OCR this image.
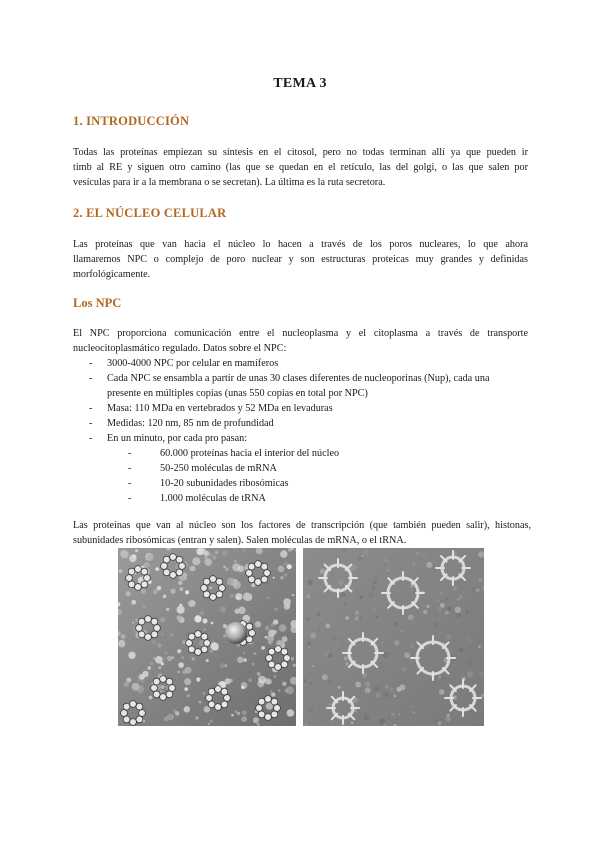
TEMA 3
1. INTRODUCCIÓN
Todas las proteínas empiezan su síntesis en el citosol, pero no todas terminan allí ya que pueden ir
timb al RE y siguen otro camino (las que se quedan en el retículo, las del golgi, o las que salen por
vesículas para ir a la membrana o se secretan). La última es la ruta secretora.
2. EL NÚCLEO CELULAR
Las proteínas que van hacia el núcleo lo hacen a través de los poros nucleares, lo que ahora
llamaremos NPC o complejo de poro nuclear y son estructuras proteicas muy grandes y definidas
morfológicamente.
Los NPC
El NPC proporciona comunicación entre el nucleoplasma y el citoplasma a través de transporte
nucleocitoplasmático regulado. Datos sobre el NPC:
- 3000-4000 NPC por celular en mamíferos
- Cada NPC se ensambla a partir de unas 30 clases diferentes de nucleoporinas (Nup), cada una
presente en múltiples copias (unas 550 copias en total por NPC)
- Masa: 110 MDa en vertebrados y 52 MDa en levaduras
- Medidas: 120 nm, 85 nm de profundidad
- En un minuto, por cada pro pasan:
-	60.000 proteínas hacia el interior del núcleo
-	50-250 moléculas de mRNA
-	10-20 subunidades ribosómicas
-	1.000 moléculas de tRNA
Las proteínas que van al núcleo son los factores de transcripción (que también pueden salir), histonas,
subunidades ribosómicas (entran y salen). Salen moléculas de mRNA, o el tRNA.
